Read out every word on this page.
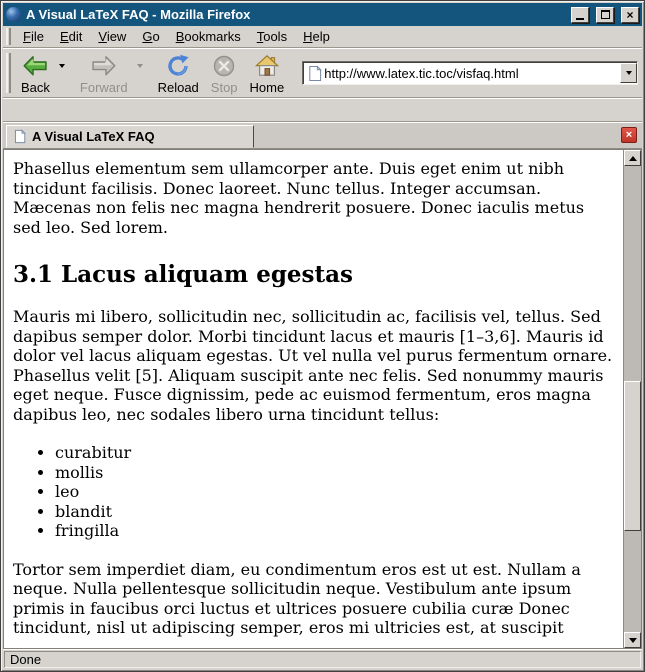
A Visual LaTeX FAQ - Mozilla Firefox	×
File	Edit	View	Go	Bookmarks	Tools	Help
Back Forward Reload Stop Home
http://www.latex.tic.toc/visfaq.html
A Visual LaTeX FAQ	×

Phasellus elementum sem ullamcorper ante. Duis eget enim ut nibh tincidunt facilisis. Donec laoreet. Nunc tellus. Integer accumsan. Mæcenas non felis nec magna hendrerit posuere. Donec iaculis metus sed leo. Sed lorem.

3.1 Lacus aliquam egestas

Mauris mi libero, sollicitudin nec, sollicitudin ac, facilisis vel, tellus. Sed dapibus semper dolor. Morbi tincidunt lacus et mauris [1–3,6]. Mauris id dolor vel lacus aliquam egestas. Ut vel nulla vel purus fermentum ornare. Phasellus velit [5]. Aliquam suscipit ante nec felis. Sed nonummy mauris eget neque. Fusce dignissim, pede ac euismod fermentum, eros magna dapibus leo, nec sodales libero urna tincidunt tellus:

• curabitur
• mollis
• leo
• blandit
• fringilla

Tortor sem imperdiet diam, eu condimentum eros est ut est. Nullam a neque. Nulla pellentesque sollicitudin neque. Vestibulum ante ipsum primis in faucibus orci luctus et ultrices posuere cubilia curæ Donec tincidunt, nisl ut adipiscing semper, eros mi ultricies est, at suscipit

Done
